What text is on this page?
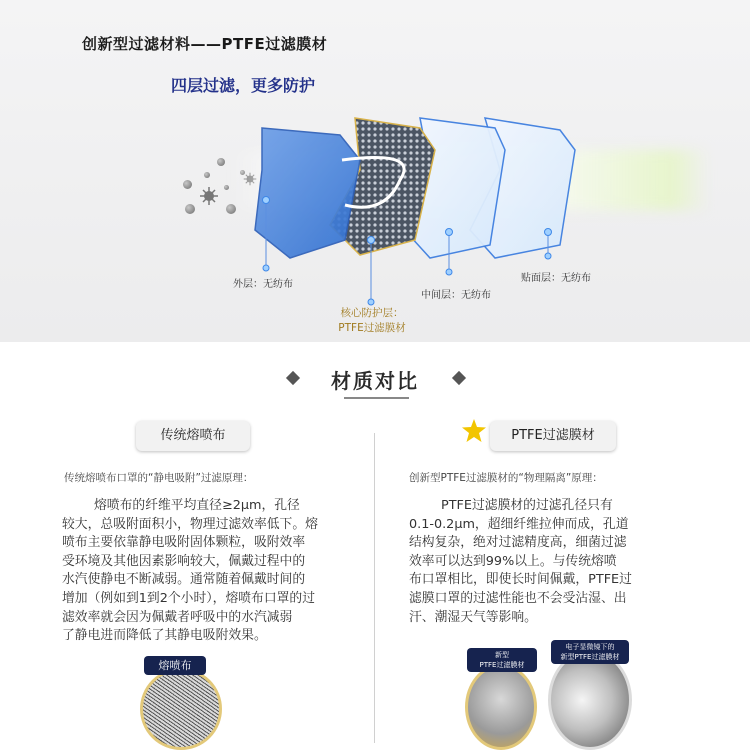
创新型过滤材料——PTFE过滤膜材
四层过滤，更多防护
外层：无纺布
核心防护层：
PTFE过滤膜材
中间层：无纺布
贴面层：无纺布
材质对比
传统熔喷布
传统熔喷布口罩的“静电吸附”过滤原理：
熔喷布的纤维平均直径≥2μm，孔径
较大，总吸附面积小，物理过滤效率低下。熔
喷布主要依靠静电吸附固体颗粒，吸附效率
受环境及其他因素影响较大，佩戴过程中的
水汽使静电不断减弱。通常随着佩戴时间的
增加（例如到1到2个小时），熔喷布口罩的过
滤效率就会因为佩戴者呼吸中的水汽减弱
了静电进而降低了其静电吸附效果。
熔喷布
PTFE过滤膜材
创新型PTFE过滤膜材的“物理隔离”原理：
PTFE过滤膜材的过滤孔径只有
0.1-0.2μm，超细纤维拉伸而成，孔道
结构复杂，绝对过滤精度高，细菌过滤
效率可以达到99%以上。与传统熔喷
布口罩相比，即使长时间佩戴，PTFE过
滤膜口罩的过滤性能也不会受沾湿、出
汗、潮湿天气等影响。
新型
PTFE过滤膜材
电子显微镜下的
新型PTFE过滤膜材
